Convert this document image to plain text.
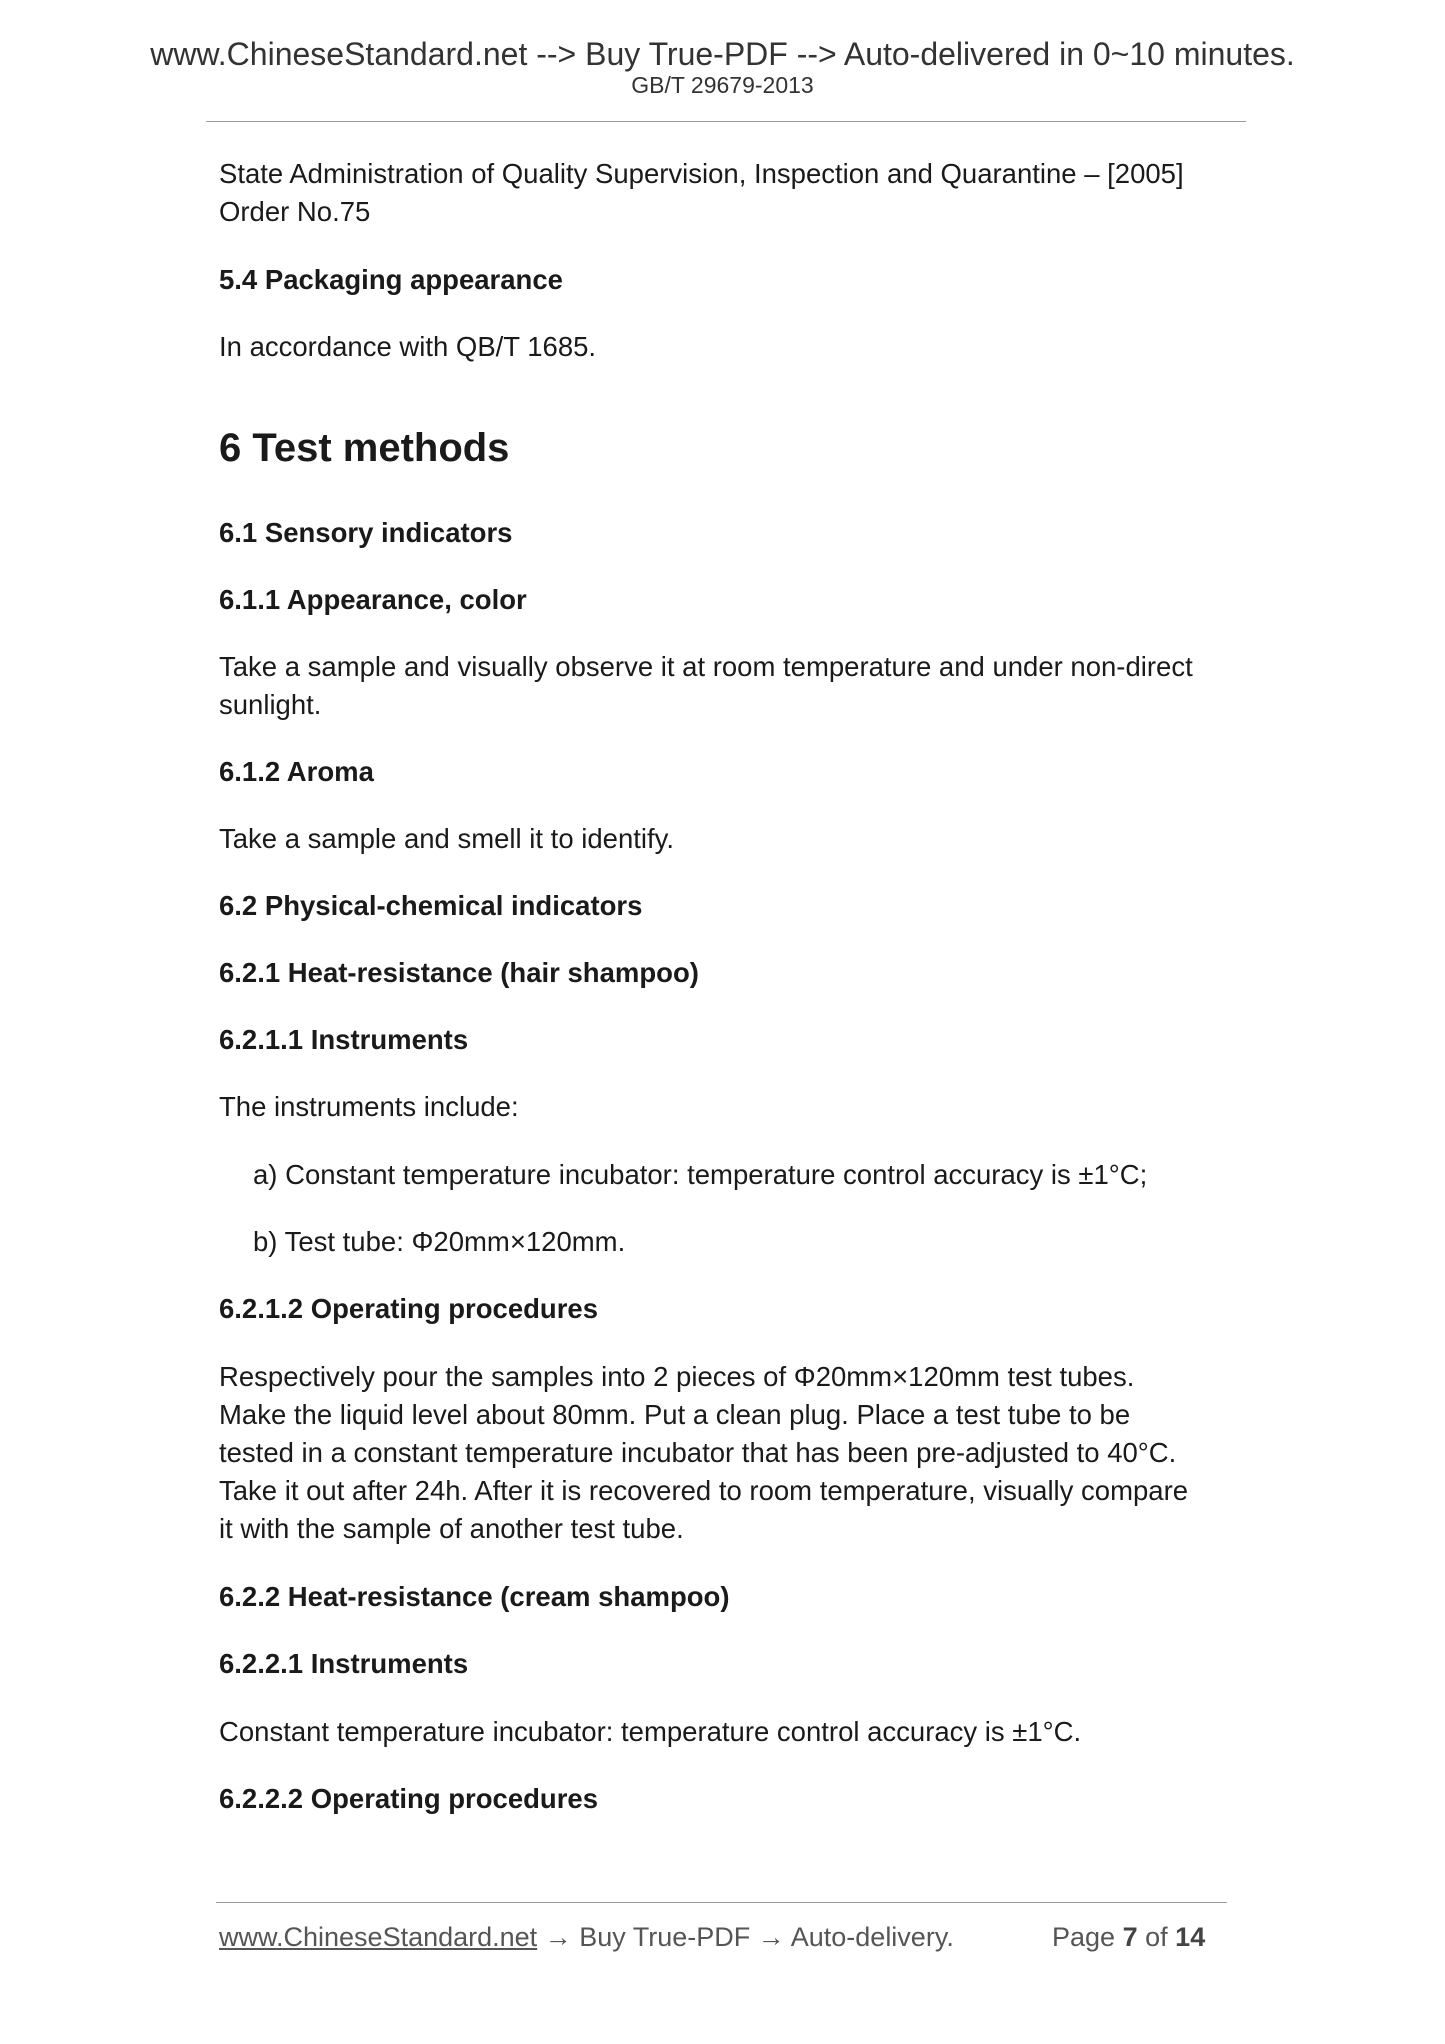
www.ChineseStandard.net --> Buy True-PDF --> Auto-delivered in 0~10 minutes.
GB/T 29679-2013

State Administration of Quality Supervision, Inspection and Quarantine – [2005]

Order No.75

5.4 Packaging appearance

In accordance with QB/T 1685.

6 Test methods

6.1 Sensory indicators

6.1.1 Appearance, color

Take a sample and visually observe it at room temperature and under non-direct

sunlight.

6.1.2 Aroma

Take a sample and smell it to identify.

6.2 Physical-chemical indicators

6.2.1 Heat-resistance (hair shampoo)

6.2.1.1 Instruments

The instruments include:

a) Constant temperature incubator: temperature control accuracy is ±1°C;

b) Test tube: Φ20mm×120mm.

6.2.1.2 Operating procedures

Respectively pour the samples into 2 pieces of Φ20mm×120mm test tubes.

Make the liquid level about 80mm. Put a clean plug. Place a test tube to be

tested in a constant temperature incubator that has been pre-adjusted to 40°C.

Take it out after 24h. After it is recovered to room temperature, visually compare

it with the sample of another test tube.

6.2.2 Heat-resistance (cream shampoo)

6.2.2.1 Instruments

Constant temperature incubator: temperature control accuracy is ±1°C.

6.2.2.2 Operating procedures

www.ChineseStandard.net → Buy True-PDF → Auto-delivery.	Page 7 of 14
